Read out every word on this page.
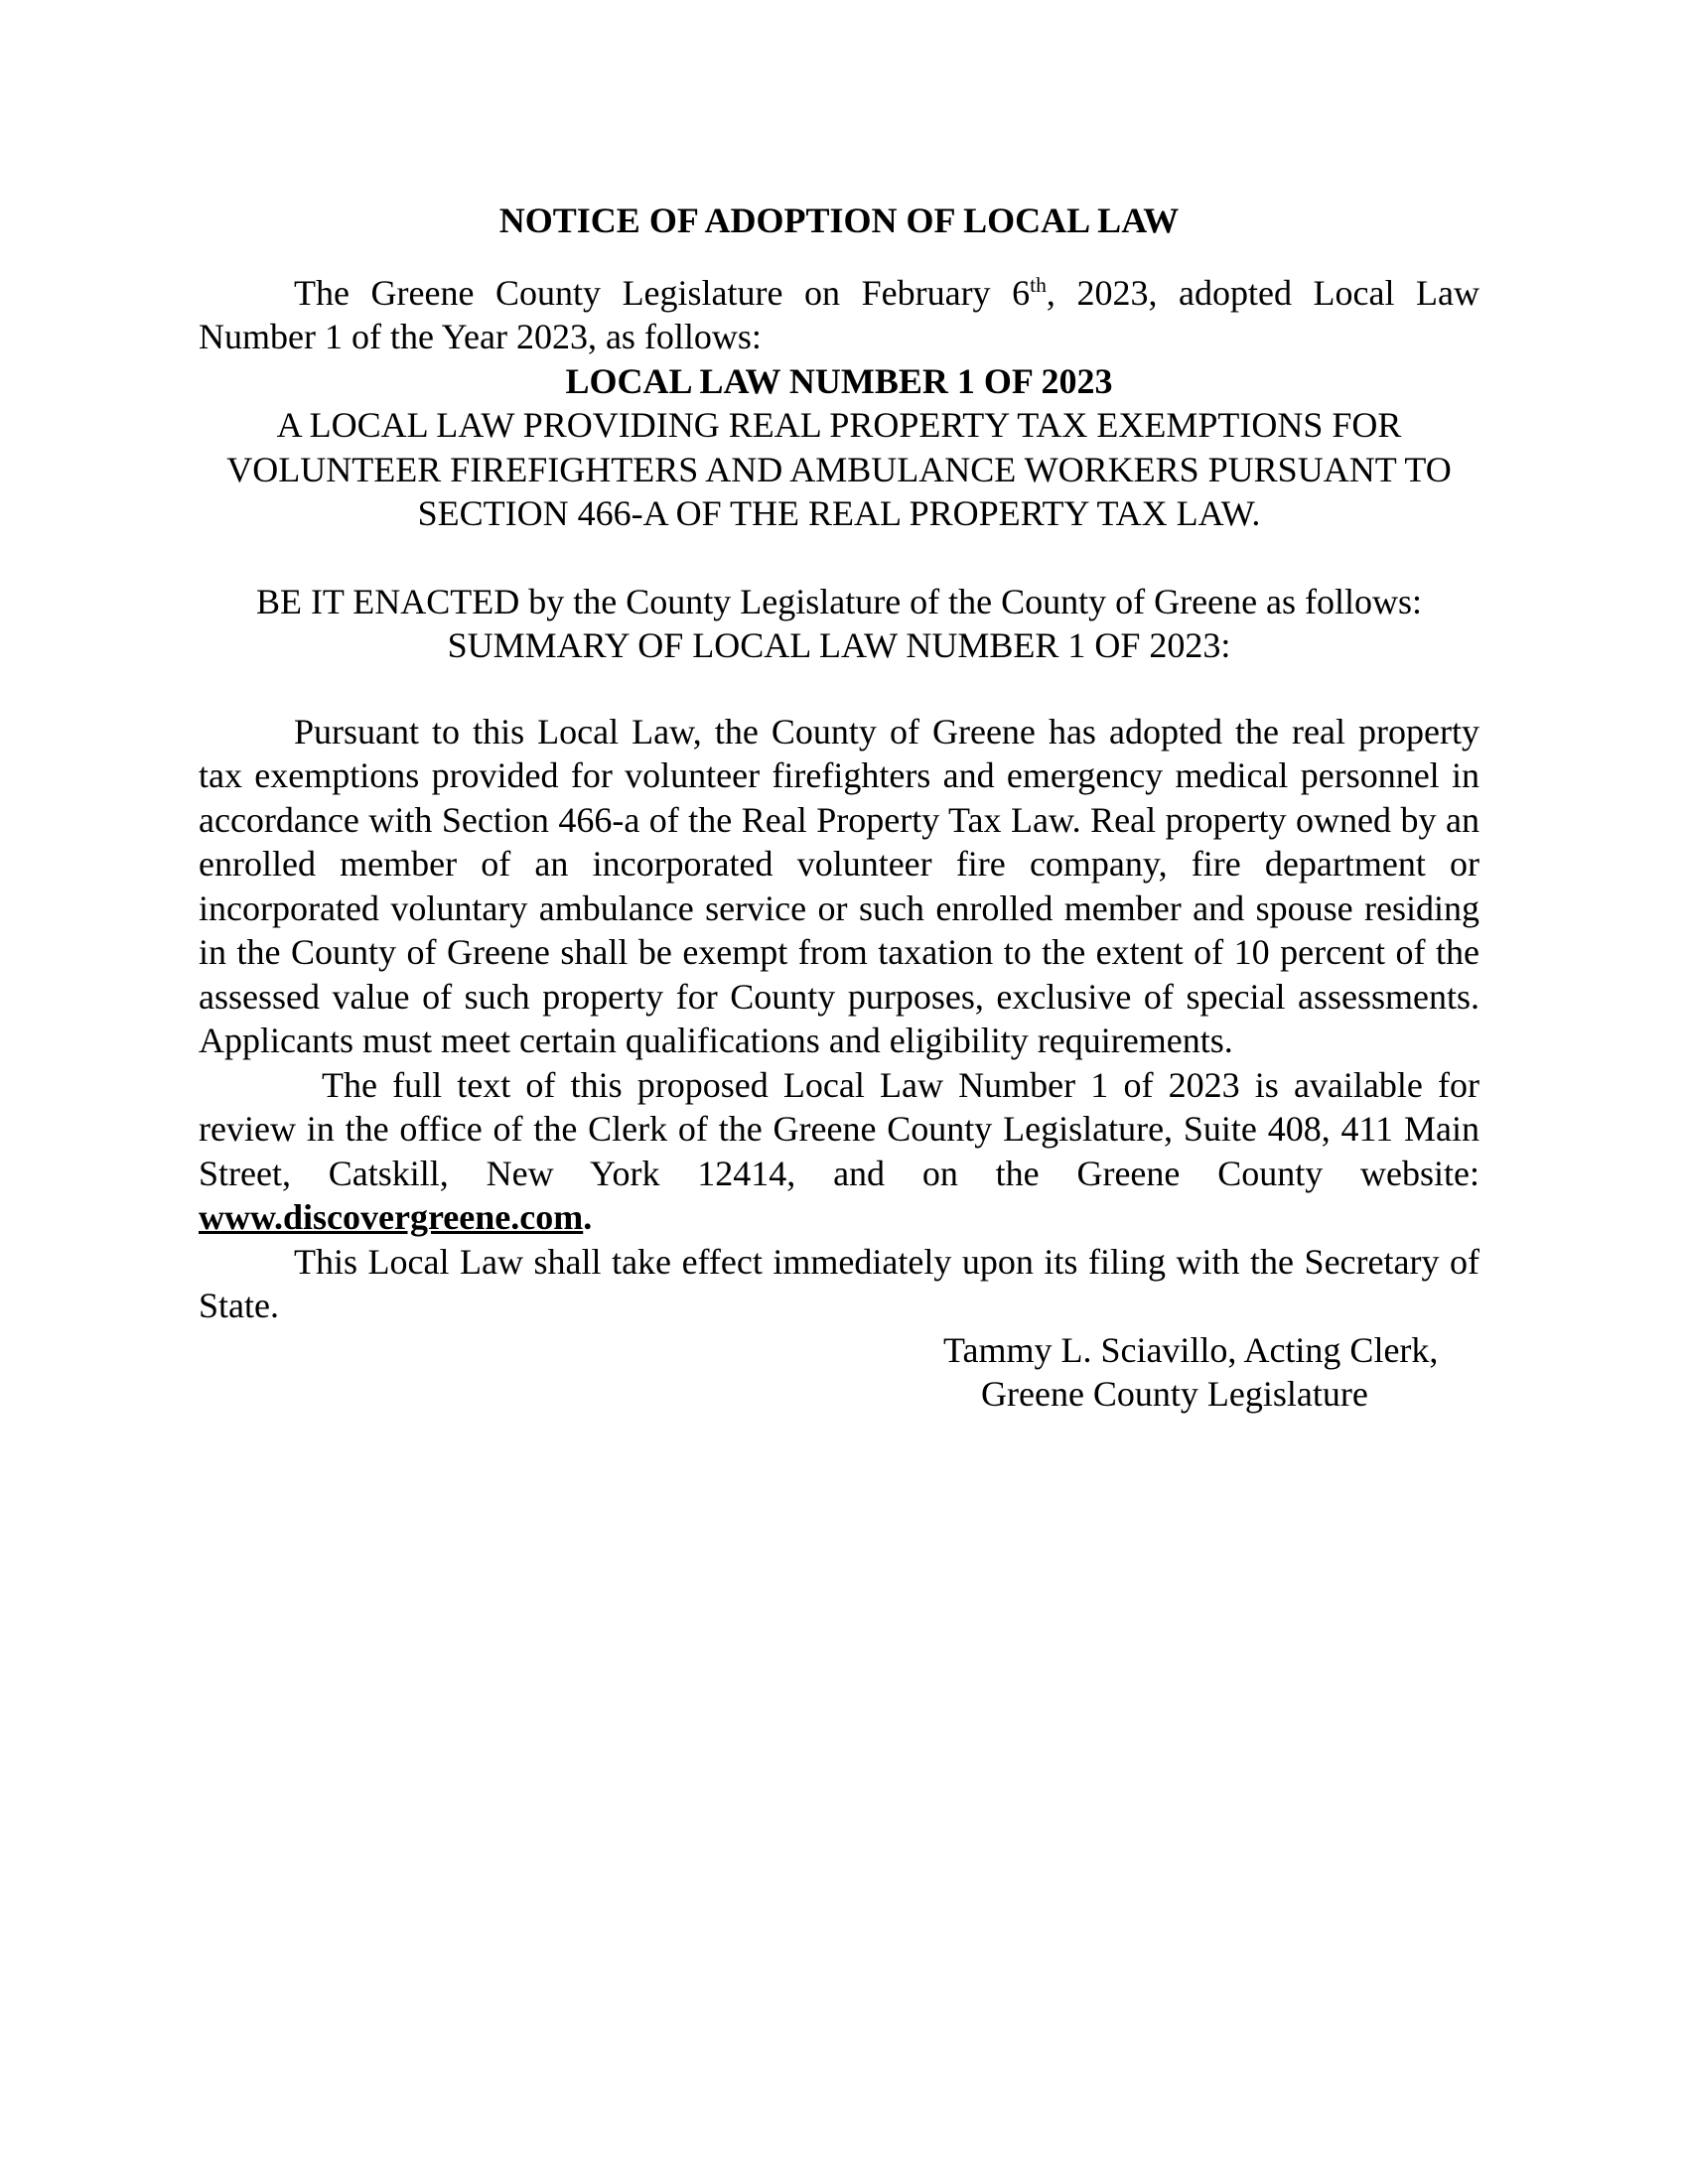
NOTICE OF ADOPTION OF LOCAL LAW

The Greene County Legislature on February 6th, 2023, adopted Local Law Number 1 of the Year 2023, as follows:

LOCAL LAW NUMBER 1 OF 2023

A LOCAL LAW PROVIDING REAL PROPERTY TAX EXEMPTIONS FOR VOLUNTEER FIREFIGHTERS AND AMBULANCE WORKERS PURSUANT TO SECTION 466-A OF THE REAL PROPERTY TAX LAW.

BE IT ENACTED by the County Legislature of the County of Greene as follows:

SUMMARY OF LOCAL LAW NUMBER 1 OF 2023:

Pursuant to this Local Law, the County of Greene has adopted the real property tax exemptions provided for volunteer firefighters and emergency medical personnel in accordance with Section 466-a of the Real Property Tax Law. Real property owned by an enrolled member of an incorporated volunteer fire company, fire department or incorporated voluntary ambulance service or such enrolled member and spouse residing in the County of Greene shall be exempt from taxation to the extent of 10 percent of the assessed value of such property for County purposes, exclusive of special assessments. Applicants must meet certain qualifications and eligibility requirements.

The full text of this proposed Local Law Number 1 of 2023 is available for review in the office of the Clerk of the Greene County Legislature, Suite 408, 411 Main Street, Catskill, New York 12414, and on the Greene County website: www.discovergreene.com.

This Local Law shall take effect immediately upon its filing with the Secretary of State.

Tammy L. Sciavillo, Acting Clerk,
Greene County Legislature
